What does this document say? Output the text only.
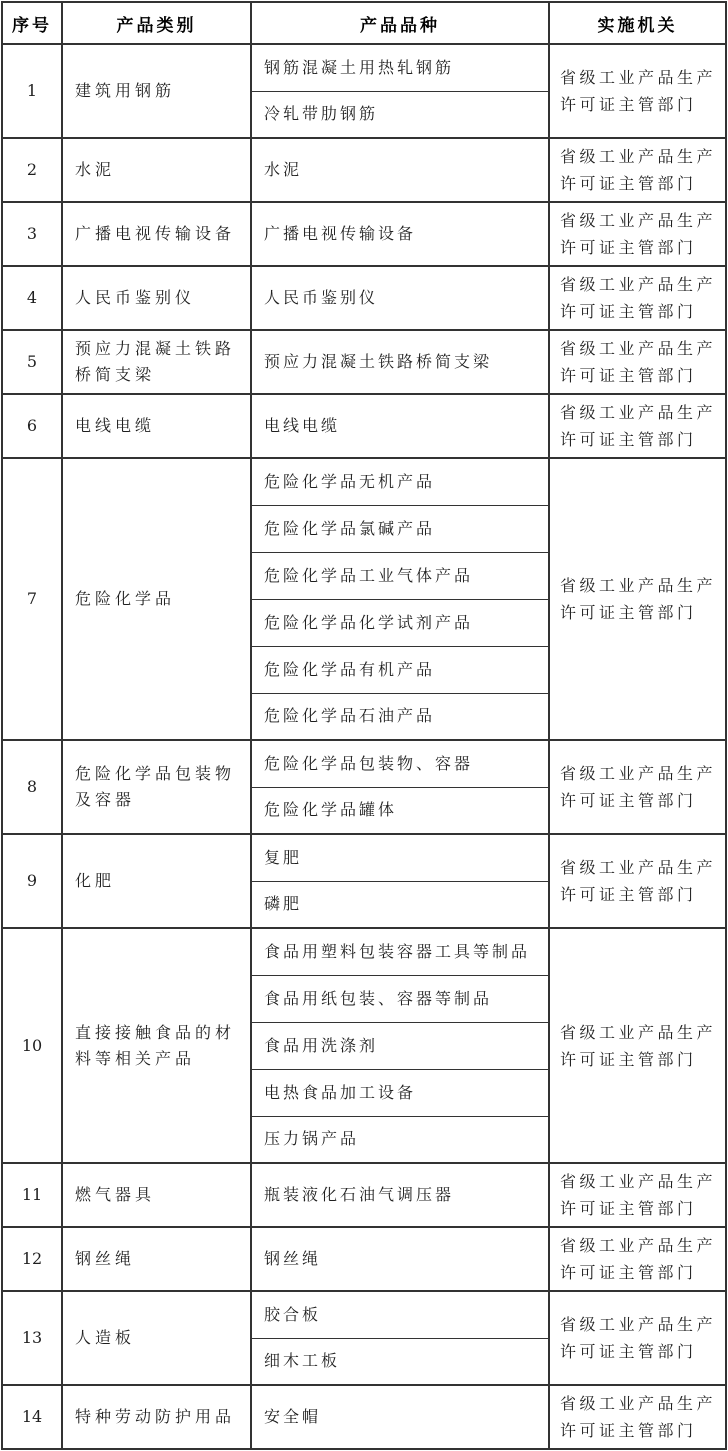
序号	产品类别	产品品种	实施机关
1	建筑用钢筋	钢筋混凝土用热轧钢筋	省级工业产品生产许可证主管部门
		冷轧带肋钢筋	
2	水泥	水泥	省级工业产品生产许可证主管部门
3	广播电视传输设备	广播电视传输设备	省级工业产品生产许可证主管部门
4	人民币鉴别仪	人民币鉴别仪	省级工业产品生产许可证主管部门
5	预应力混凝土铁路桥简支梁	预应力混凝土铁路桥简支梁	省级工业产品生产许可证主管部门
6	电线电缆	电线电缆	省级工业产品生产许可证主管部门
7	危险化学品	危险化学品无机产品	省级工业产品生产许可证主管部门
		危险化学品氯碱产品	
		危险化学品工业气体产品	
		危险化学品化学试剂产品	
		危险化学品有机产品	
		危险化学品石油产品	
8	危险化学品包装物及容器	危险化学品包装物、容器	省级工业产品生产许可证主管部门
		危险化学品罐体	
9	化肥	复肥	省级工业产品生产许可证主管部门
		磷肥	
10	直接接触食品的材料等相关产品	食品用塑料包装容器工具等制品	省级工业产品生产许可证主管部门
		食品用纸包装、容器等制品	
		食品用洗涤剂	
		电热食品加工设备	
		压力锅产品	
11	燃气器具	瓶装液化石油气调压器	省级工业产品生产许可证主管部门
12	钢丝绳	钢丝绳	省级工业产品生产许可证主管部门
13	人造板	胶合板	省级工业产品生产许可证主管部门
		细木工板	
14	特种劳动防护用品	安全帽	省级工业产品生产许可证主管部门
